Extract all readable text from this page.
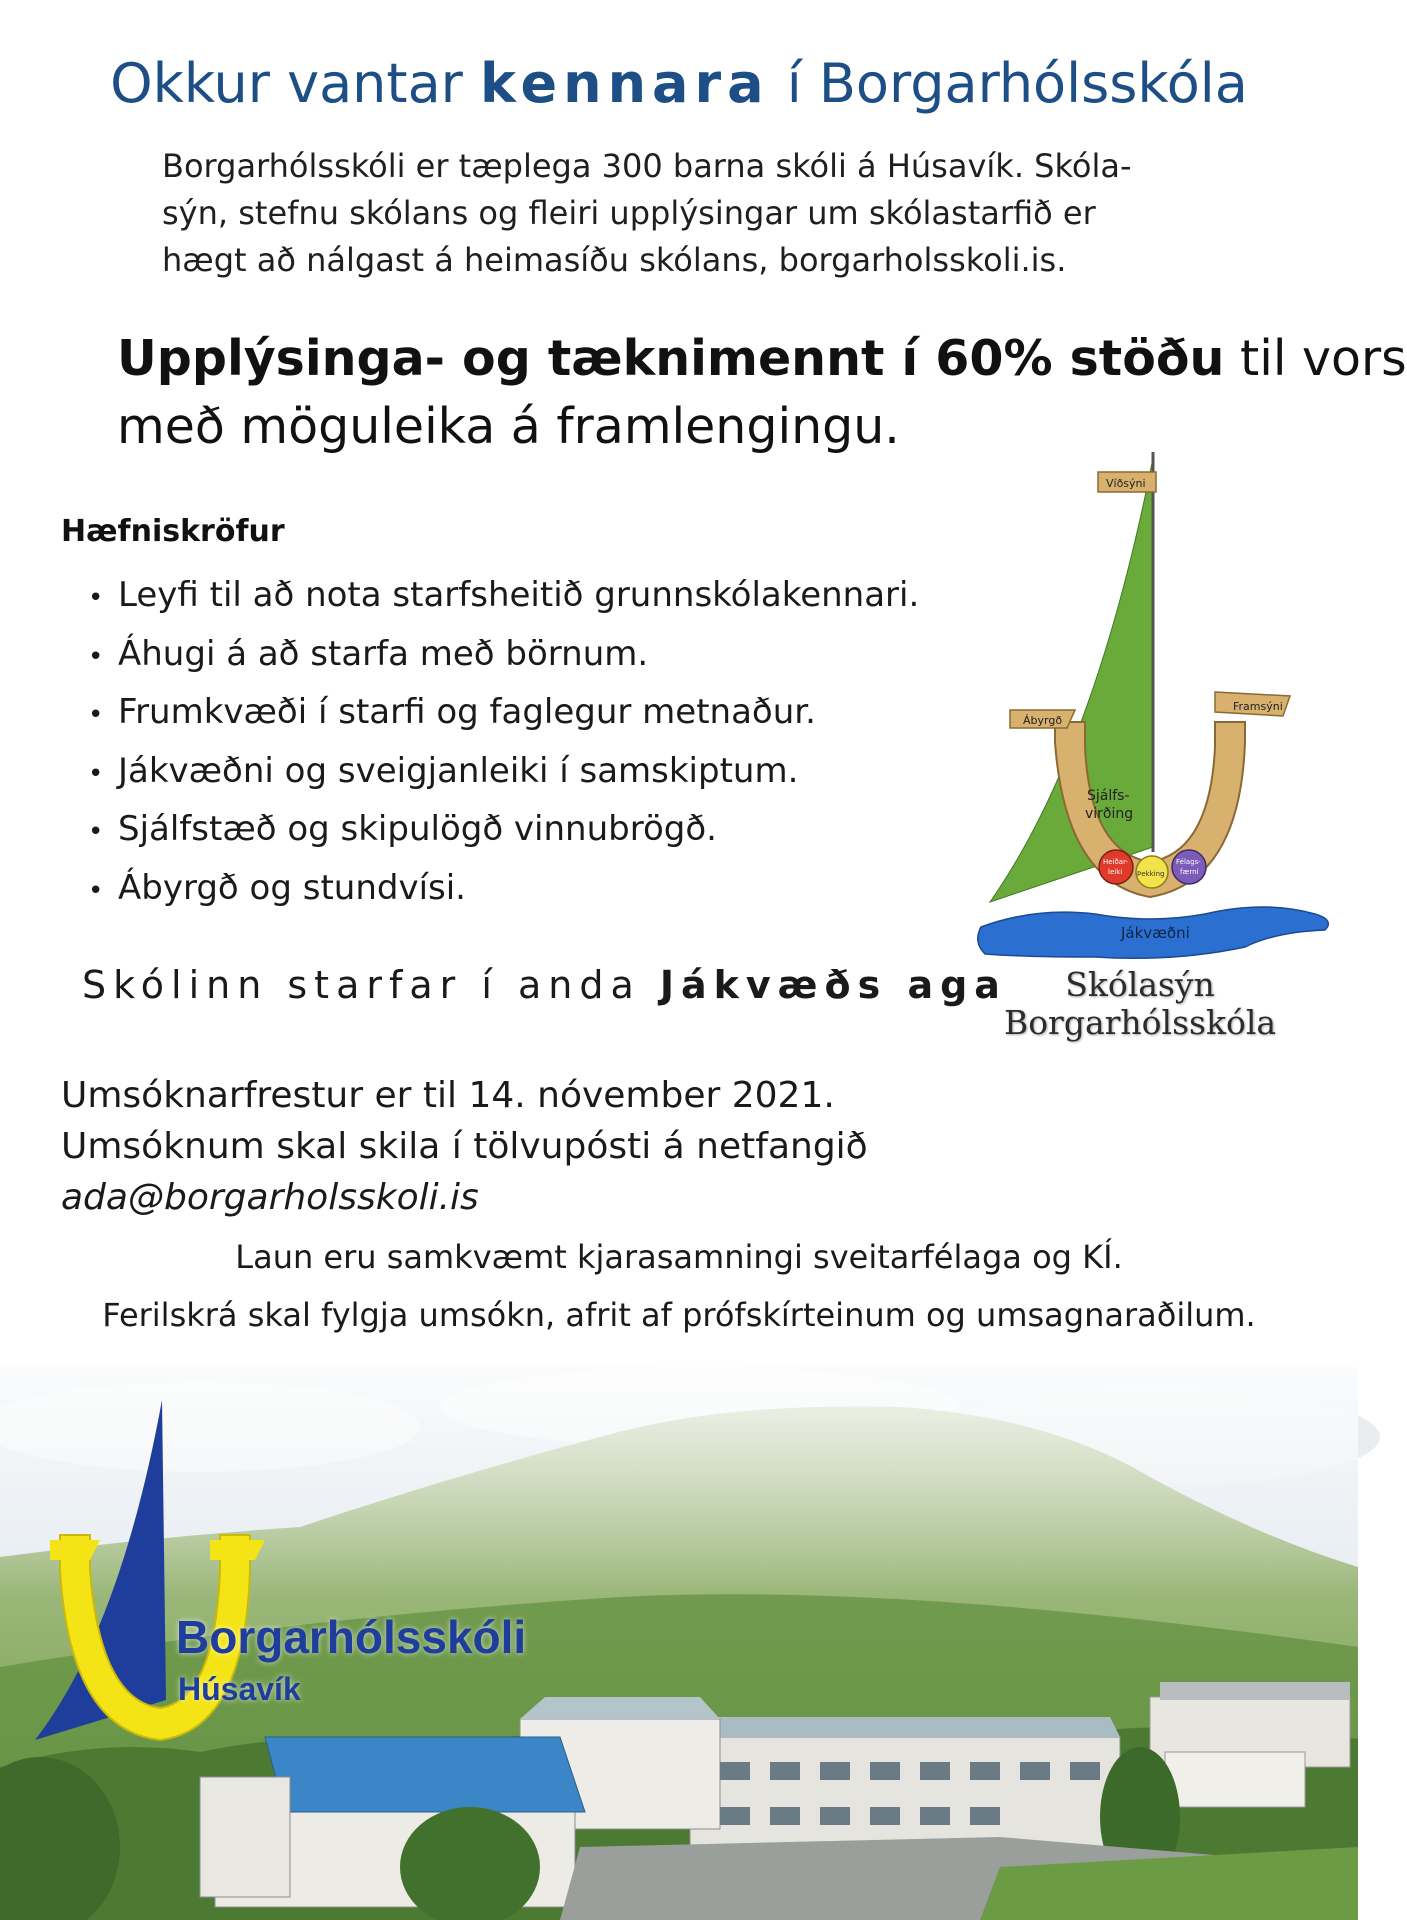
Okkur vantar kennara í Borgarhólsskóla
Borgarhólsskóli er tæplega 300 barna skóli á Húsavík. Skóla-
sýn, stefnu skólans og fleiri upplýsingar um skólastarfið er
hægt að nálgast á heimasíðu skólans, borgarholsskoli.is.
Upplýsinga- og tæknimennt í 60% stöðu til vors
með möguleika á framlengingu.
Hæfniskröfur
• Leyfi til að nota starfsheitið grunnskólakennari.
• Áhugi á að starfa með börnum.
• Frumkvæði í starfi og faglegur metnaður.
• Jákvæðni og sveigjanleiki í samskiptum.
• Sjálfstæð og skipulögð vinnubrögð.
• Ábyrgð og stundvísi.
Ábyrgð
Framsýni
Víðsýni
Sjálfs-
virðing
Heiðar-
leiki Þekking
Félags-
færni
Jákvæðni
Skólasýn
Borgarhólsskóla
Skólinn starfar í anda Jákvæðs aga
Umsóknarfrestur er til 14. nóvember 2021.
Umsóknum skal skila í tölvupósti á netfangið
ada@borgarholsskoli.is
Laun eru samkvæmt kjarasamningi sveitarfélaga og KÍ.
Ferilskrá skal fylgja umsókn, afrit af prófskírteinum og umsagnaraðilum.
Borgarhólsskóli
Húsavík
